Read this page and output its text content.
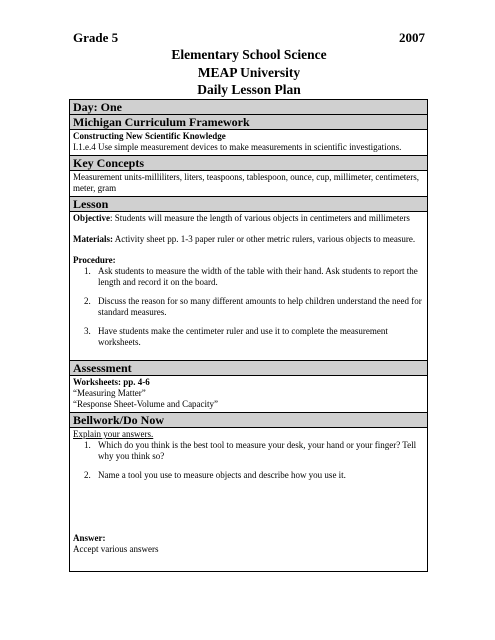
Grade 5	2007
Elementary School Science
MEAP University
Daily Lesson Plan
Day: One
Michigan Curriculum Framework
Constructing New Scientific Knowledge
I.1.e.4 Use simple measurement devices to make measurements in scientific investigations.
Key Concepts
Measurement units-milliliters, liters, teaspoons, tablespoon, ounce, cup, millimeter, centimeters, meter, gram
Lesson
Objective: Students will measure the length of various objects in centimeters and millimeters
Materials: Activity sheet pp. 1-3 paper ruler or other metric rulers, various objects to measure.
Procedure:
1. Ask students to measure the width of the table with their hand. Ask students to report the length and record it on the board.
2. Discuss the reason for so many different amounts to help children understand the need for standard measures.
3. Have students make the centimeter ruler and use it to complete the measurement worksheets.
Assessment
Worksheets: pp. 4-6
“Measuring Matter”
“Response Sheet-Volume and Capacity”
Bellwork/Do Now
Explain your answers.
1. Which do you think is the best tool to measure your desk, your hand or your finger? Tell why you think so?
2. Name a tool you use to measure objects and describe how you use it.
Answer:
Accept various answers
